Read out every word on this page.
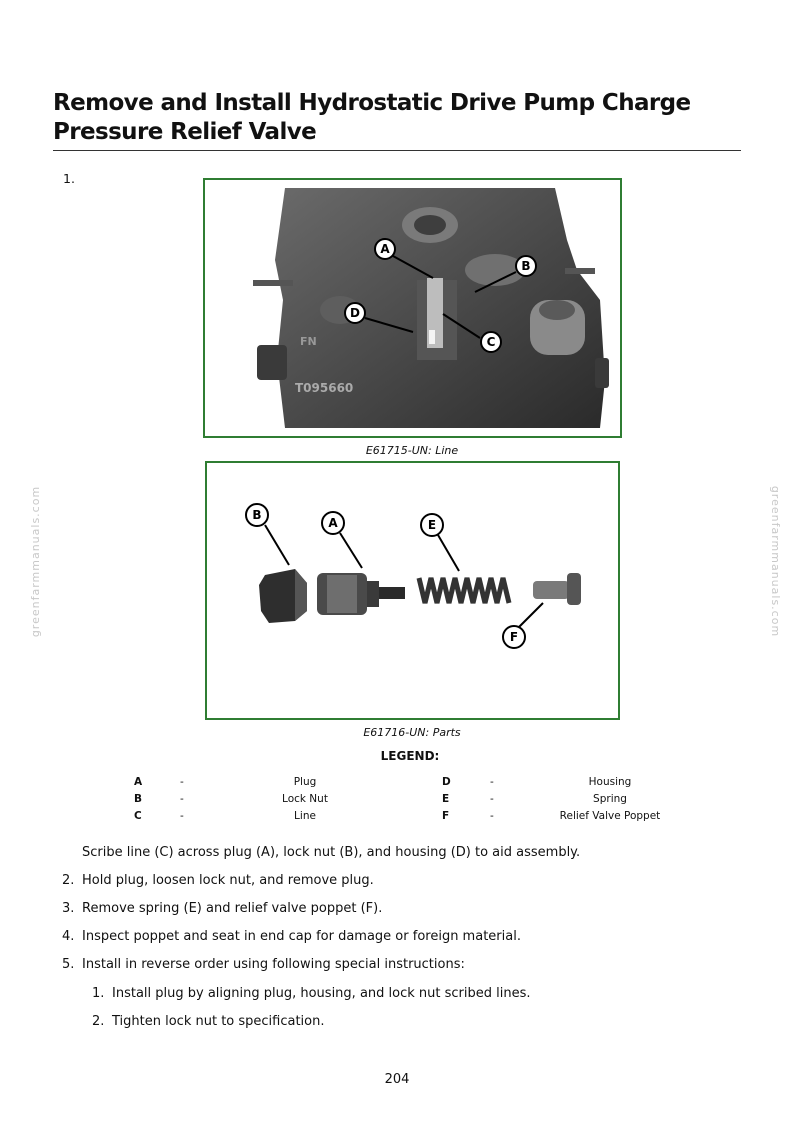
Remove and Install Hydrostatic Drive Pump Charge Pressure Relief Valve
1.
T095660
FN
A
B
D
C
E61715-UN: Line
B
A	E
F
E61716-UN: Parts
LEGEND:
A	-	Plug	D	-	Housing
B	-	Lock Nut	E	-	Spring
C	-	Line	F	-	Relief Valve Poppet
Scribe line (C) across plug (A), lock nut (B), and housing (D) to aid assembly.
2. Hold plug, loosen lock nut, and remove plug.
3. Remove spring (E) and relief valve poppet (F).
4. Inspect poppet and seat in end cap for damage or foreign material.
5. Install in reverse order using following special instructions:
1. Install plug by aligning plug, housing, and lock nut scribed lines.
2. Tighten lock nut to specification.
greenfarmmanuals.com	greenfarmmanuals.com
204
